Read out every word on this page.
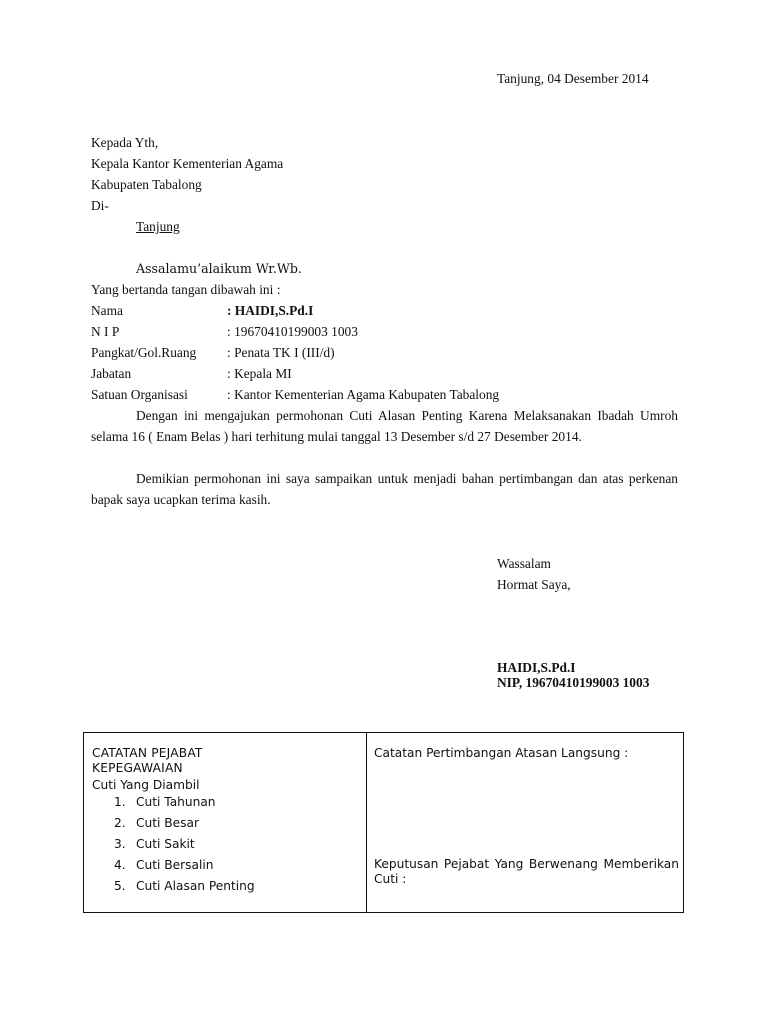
Tanjung, 04 Desember 2014
Kepada Yth,
Kepala Kantor Kementerian Agama
Kabupaten Tabalong
Di-
Tanjung
Assalamu’alaikum Wr.Wb.
Yang bertanda tangan dibawah ini :
Nama	: HAIDI,S.Pd.I
N I P	: 19670410199003 1003
Pangkat/Gol.Ruang : Penata TK I (III/d)
Jabatan	: Kepala MI
Satuan Organisasi	: Kantor Kementerian Agama Kabupaten Tabalong
Dengan ini mengajukan permohonan Cuti Alasan Penting Karena Melaksanakan Ibadah Umroh selama 16 ( Enam Belas ) hari terhitung mulai tanggal 13 Desember s/d 27 Desember 2014.
Demikian permohonan ini saya sampaikan untuk menjadi bahan pertimbangan dan atas perkenan bapak saya ucapkan terima kasih.
Wassalam
Hormat Saya,
HAIDI,S.Pd.I
NIP, 19670410199003 1003
CATATAN PEJABAT
KEPEGAWAIAN
Cuti Yang Diambil
1. Cuti Tahunan
2. Cuti Besar
3. Cuti Sakit
4. Cuti Bersalin
5. Cuti Alasan Penting
Catatan Pertimbangan Atasan Langsung :
Keputusan Pejabat Yang Berwenang Memberikan Cuti :
